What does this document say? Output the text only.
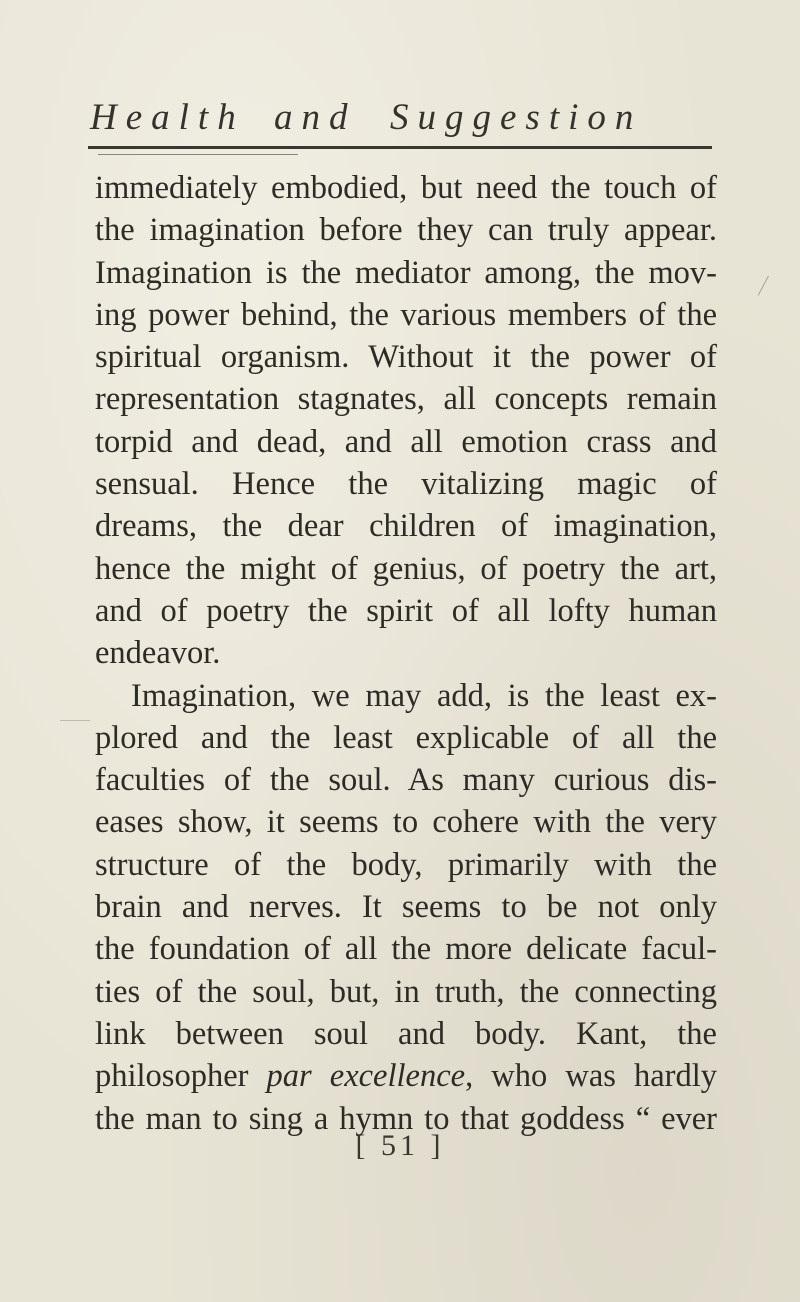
Health and Suggestion

immediately embodied, but need the touch of
the imagination before they can truly appear.
Imagination is the mediator among, the mov-
ing power behind, the various members of the
spiritual organism. Without it the power of
representation stagnates, all concepts remain
torpid and dead, and all emotion crass and
sensual. Hence the vitalizing magic of
dreams, the dear children of imagination,
hence the might of genius, of poetry the art,
and of poetry the spirit of all lofty human
endeavor.

Imagination, we may add, is the least ex-
plored and the least explicable of all the
faculties of the soul. As many curious dis-
eases show, it seems to cohere with the very
structure of the body, primarily with the
brain and nerves. It seems to be not only
the foundation of all the more delicate facul-
ties of the soul, but, in truth, the connecting
link between soul and body. Kant, the
philosopher par excellence, who was hardly
the man to sing a hymn to that goddess “ ever

[ 51 ]
